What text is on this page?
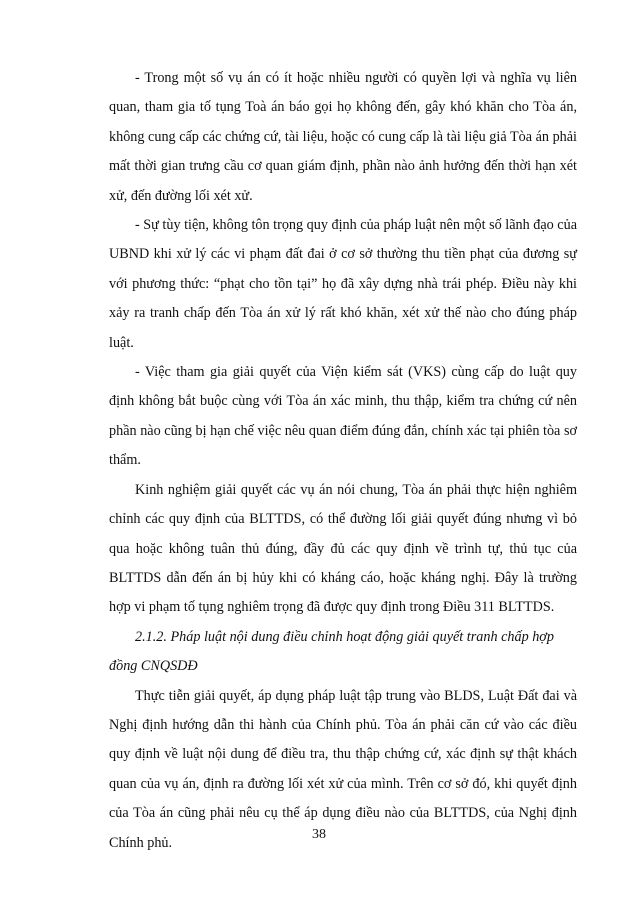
- Trong một số vụ án có ít hoặc nhiều người có quyền lợi và nghĩa vụ liên quan, tham gia tố tụng Toà án báo gọi họ không đến, gây khó khăn cho Tòa án, không cung cấp các chứng cứ, tài liệu, hoặc có cung cấp là tài liệu giả Tòa án phải mất thời gian trưng cầu cơ quan giám định, phần nào ảnh hưởng đến thời hạn xét xử, đến đường lối xét xử.

- Sự tùy tiện, không tôn trọng quy định của pháp luật nên một số lãnh đạo của UBND khi xử lý các vi phạm đất đai ở cơ sở thường thu tiền phạt của đương sự với phương thức: “phạt cho tồn tại” họ đã xây dựng nhà trái phép. Điều này khi xảy ra tranh chấp đến Tòa án xử lý rất khó khăn, xét xử thế nào cho đúng pháp luật.

- Việc tham gia giải quyết của Viện kiểm sát (VKS) cùng cấp do luật quy định không bắt buộc cùng với Tòa án xác minh, thu thập, kiểm tra chứng cứ nên phần nào cũng bị hạn chế việc nêu quan điểm đúng đắn, chính xác tại phiên tòa sơ thẩm.

Kinh nghiệm giải quyết các vụ án nói chung, Tòa án phải thực hiện nghiêm chỉnh các quy định của BLTTDS, có thể đường lối giải quyết đúng nhưng vì bỏ qua hoặc không tuân thủ đúng, đầy đủ các quy định về trình tự, thủ tục của BLTTDS dẫn đến án bị hủy khi có kháng cáo, hoặc kháng nghị. Đây là trường hợp vi phạm tố tụng nghiêm trọng đã được quy định trong Điều 311 BLTTDS.

2.1.2. Pháp luật nội dung điều chỉnh hoạt động giải quyết tranh chấp hợp đồng CNQSDĐ

Thực tiễn giải quyết, áp dụng pháp luật tập trung vào BLDS, Luật Đất đai và Nghị định hướng dẫn thi hành của Chính phủ. Tòa án phải căn cứ vào các điều quy định về luật nội dung để điều tra, thu thập chứng cứ, xác định sự thật khách quan của vụ án, định ra đường lối xét xử của mình. Trên cơ sở đó, khi quyết định của Tòa án cũng phải nêu cụ thể áp dụng điều nào của BLTTDS, của Nghị định Chính phủ.

38
